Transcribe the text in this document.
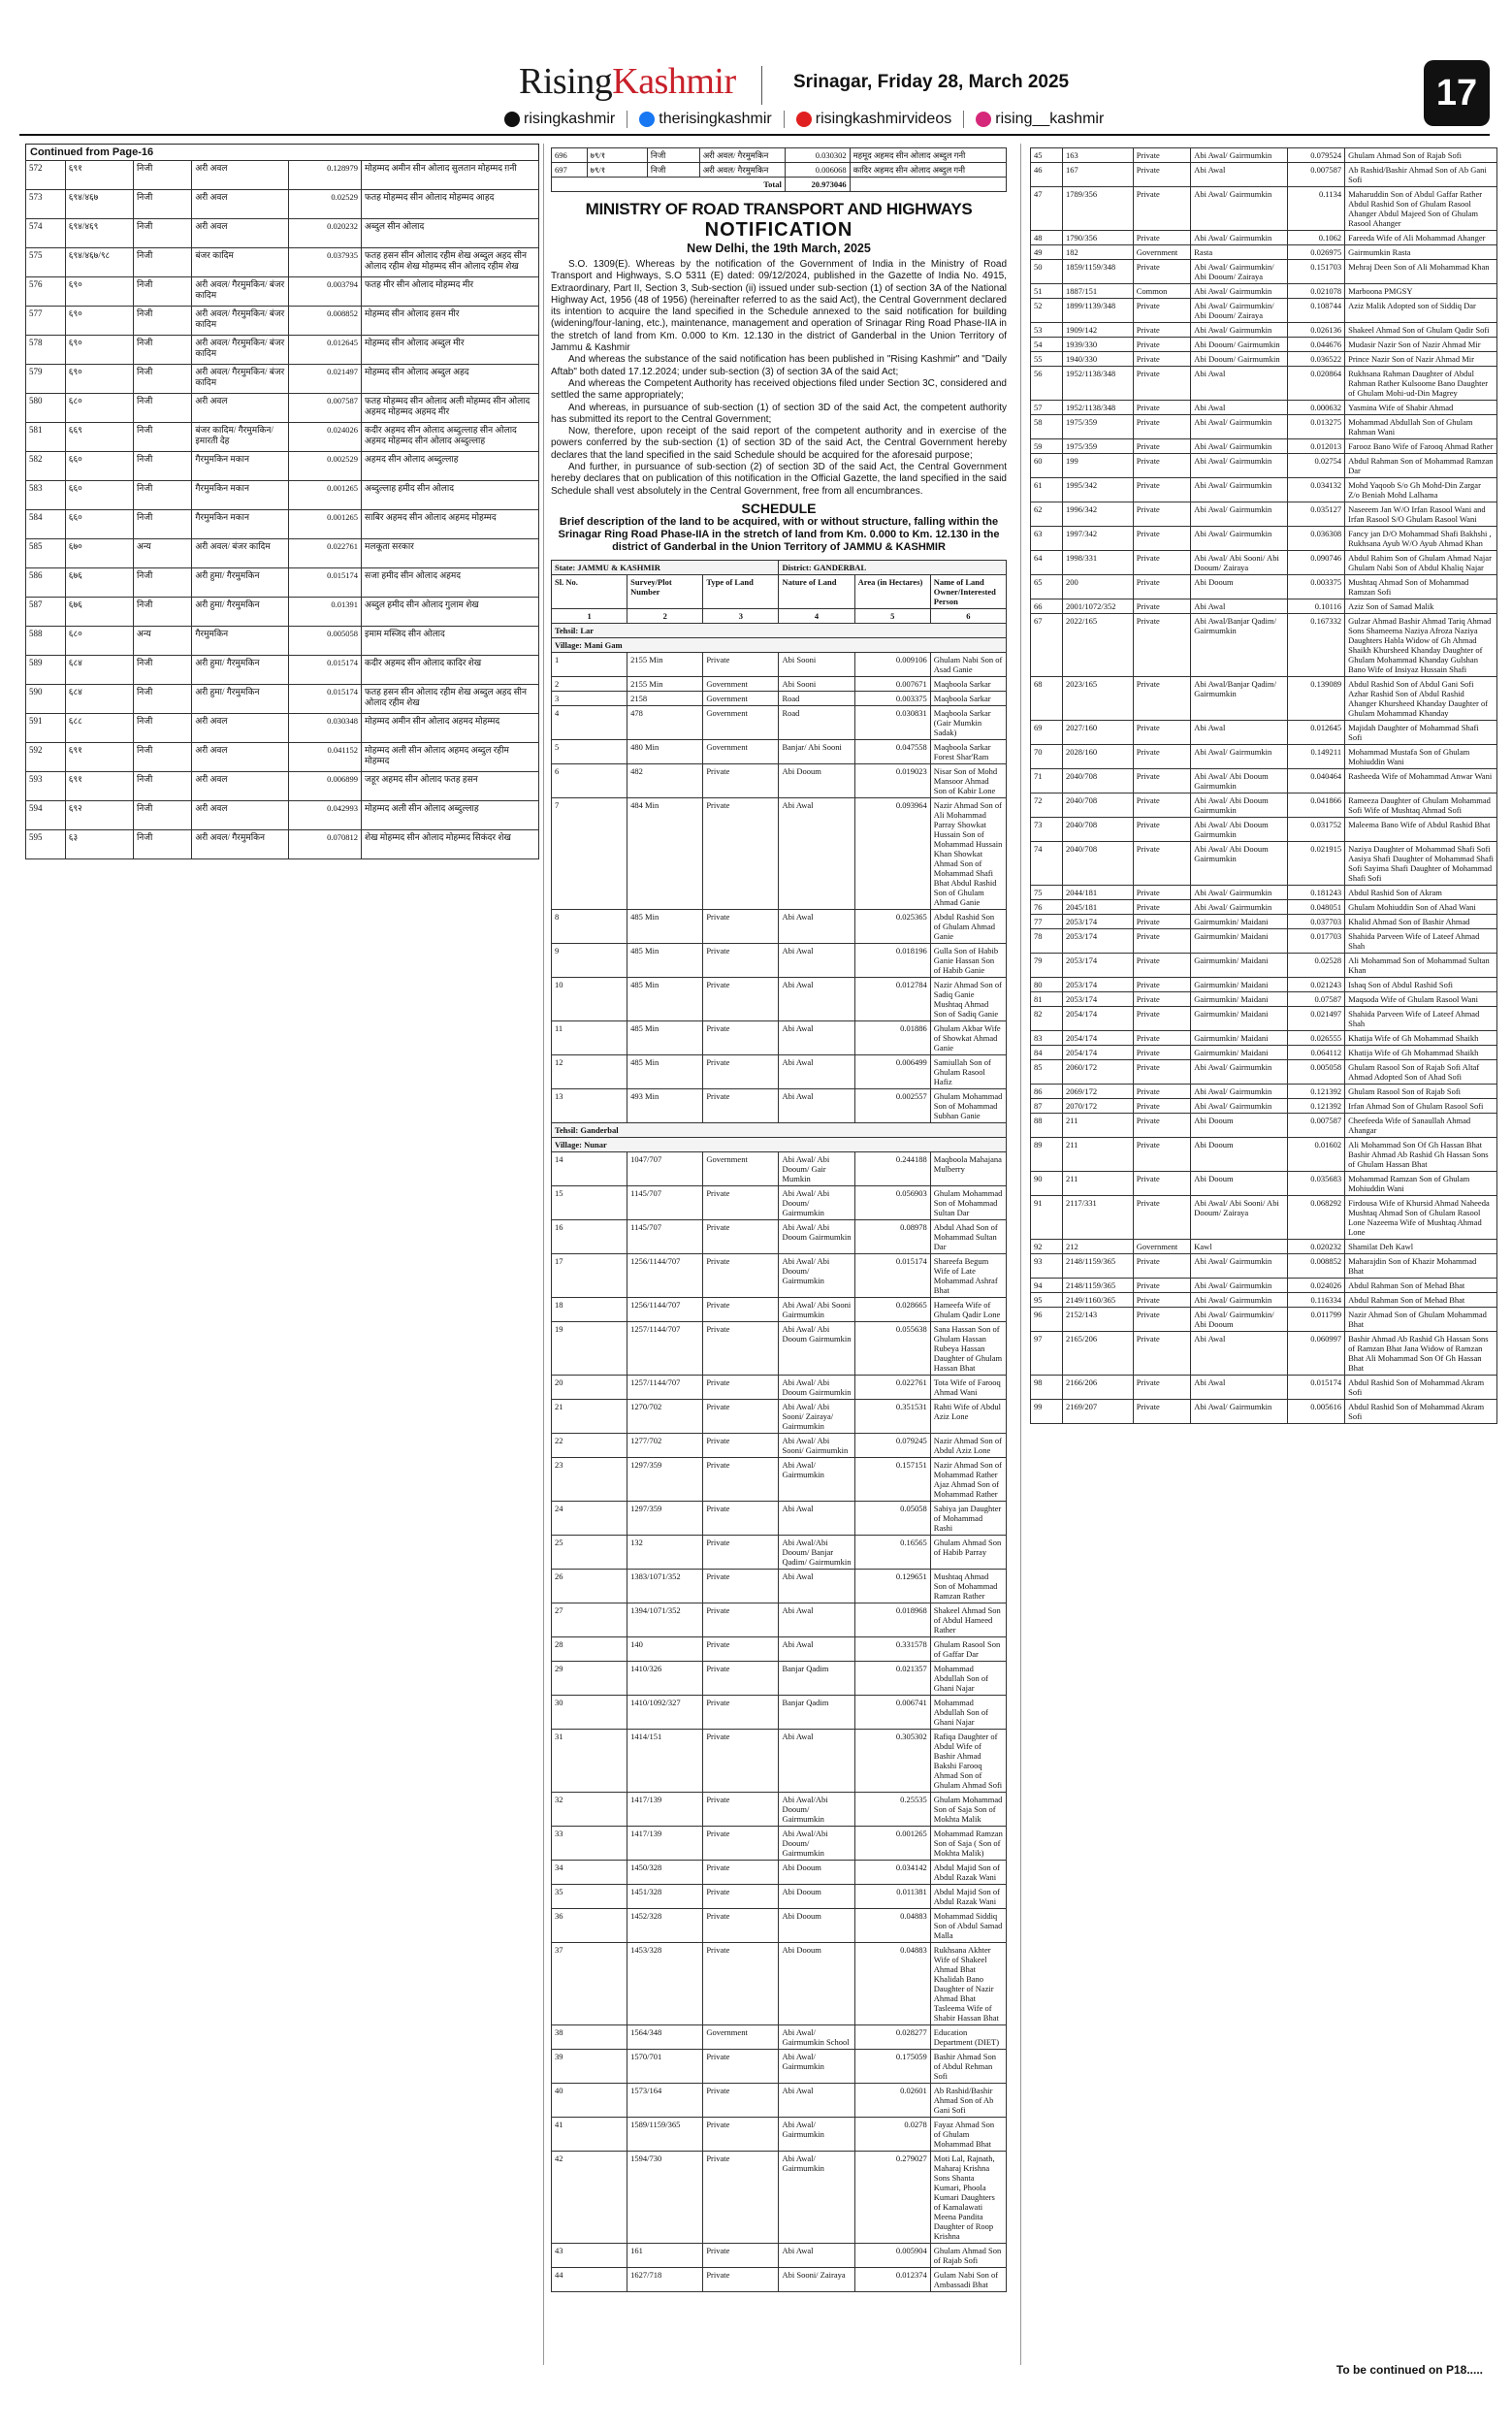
RisingKashmir	Srinagar, Friday 28, March 2025	17
risingkashmir	therisingkashmir	risingkashmirvideos	rising__kashmir
Continued from Page-16
572	६९१	निजी	अरी अवल	0.128979	मोहम्मद अमीन सीन ओलाद सुलतान मोहम्मद ग़नी
573	६९४/४६७	निजी	अरी अवल	0.02529	फतह मोहम्मद सीन ओलाद मोहम्मद आहद
574	६९४/४६९	निजी	अरी अवल	0.020232	अब्दुल सीन ओलाद
575	६९४/४६७/९८	निजी	बंजर कादिम	0.037935	फतह हसन सीन ओलाद रहीम शेख अब्दुल अहद सीन ओलाद रहीम शेख मोहम्मद सीन ओलाद रहीम शेख
576	६९०	निजी	अरी अवल/ गैरमुमकिन/ बंजर कादिम	0.003794	फतह मीर सीन ओलाद मोहम्मद मीर
577	६९०	निजी	अरी अवल/ गैरमुमकिन/ बंजर कादिम	0.008852	मोहम्मद सीन ओलाद हसन मीर
578	६९०	निजी	अरी अवल/ गैरमुमकिन/ बंजर कादिम	0.012645	मोहम्मद सीन ओलाद अब्दुल मीर
579	६९०	निजी	अरी अवल/ गैरमुमकिन/ बंजर कादिम	0.021497	मोहम्मद सीन ओलाद अब्दुल अहद
580	६८०	निजी	अरी अवल	0.007587	फतह मोहम्मद सीन ओलाद अली मोहम्मद सीन ओलाद अहमद मोहम्मद अहमद मीर
581	६६९	निजी	बंजर कादिम/ गैरमुमकिन/ इमारती देह	0.024026	कदीर अहमद सीन ओलाद अब्दुल्लाह सीन ओलाद अहमद मोहम्मद सीन ओलाद अब्दुल्लाह
582	६६०	निजी	गैरमुमकिन मकान	0.002529	अहमद सीन ओलाद अब्दुल्लाह
583	६६०	निजी	गैरमुमकिन मकान	0.001265	अब्दुल्लाह हमीद सीन ओलाद
584	६६०	निजी	गैरमुमकिन मकान	0.001265	साबिर अहमद सीन ओलाद अहमद मोहम्मद
585	६७०	अन्य	अरी अवल/ बंजर कादिम	0.022761	मलकूता सरकार
586	६७६	निजी	अरी हुमा/ गैरमुमकिन	0.015174	सजा हमीद सीन ओलाद अहमद
587	६७६	निजी	अरी हुमा/ गैरमुमकिन	0.01391	अब्दुल हमीद सीन ओलाद गुलाम शेख
588	६८०	अन्य	गैरमुमकिन	0.005058	इमाम मस्जिद सीन ओलाद
589	६८४	निजी	अरी हुमा/ गैरमुमकिन	0.015174	कदीर अहमद सीन ओलाद कादिर शेख
590	६८४	निजी	अरी हुमा/ गैरमुमकिन	0.015174	फतह हसन सीन ओलाद रहीम शेख अब्दुल अहद सीन ओलाद रहीम शेख
591	६८८	निजी	अरी अवल	0.030348	मोहम्मद अमीन सीन ओलाद अहमद मोहम्मद
592	६९१	निजी	अरी अवल	0.041152	मोहम्मद अली सीन ओलाद अहमद अब्दुल रहीम मोहम्मद
593	६९१	निजी	अरी अवल	0.006899	जहूर अहमद सीन ओलाद फतह हसन
594	६९२	निजी	अरी अवल	0.042993	मोहम्मद अली सीन ओलाद अब्दुल्लाह
595	६३	निजी	अरी अवल/ गैरमुमकिन	0.070812	शेख मोहम्मद सीन ओलाद मोहम्मद सिकंदर शेख
696	७९/१	निजी	अरी अवल/ गैरमुमकिन	0.030302	महमूद अहमद सीन ओलाद अब्दुल गनी
697	७९/१	निजी	अरी अवल/ गैरमुमकिन	0.006068	कादिर अहमद सीन ओलाद अब्दुल गनी
Total				20.973046	
MINISTRY OF ROAD TRANSPORT AND HIGHWAYS
NOTIFICATION
New Delhi, the 19th March, 2025

S.O. 1309(E). Whereas by the notification of the Government of India in the Ministry of Road Transport and Highways, S.O 5311 (E) dated: 09/12/2024, published in the Gazette of India No. 4915, Extraordinary, Part II, Section 3, Sub-section (ii) issued under sub-section (1) of section 3A of the National Highway Act, 1956 (48 of 1956) (hereinafter referred to as the said Act), the Central Government declared its intention to acquire the land specified in the Schedule annexed to the said notification for building (widening/four-laning, etc.), maintenance, management and operation of Srinagar Ring Road Phase-IIA in the stretch of land from Km. 0.000 to Km. 12.130 in the district of Ganderbal in the Union Territory of Jammu & Kashmir

And whereas the substance of the said notification has been published in "Rising Kashmir" and "Daily Aftab" both dated 17.12.2024; under sub-section (3) of section 3A of the said Act;

And whereas the Competent Authority has received objections filed under Section 3C, considered and settled the same appropriately;

And whereas, in pursuance of sub-section (1) of section 3D of the said Act, the competent authority has submitted its report to the Central Government;

Now, therefore, upon receipt of the said report of the competent authority and in exercise of the powers conferred by the sub-section (1) of section 3D of the said Act, the Central Government hereby declares that the land specified in the said Schedule should be acquired for the aforesaid purpose;

And further, in pursuance of sub-section (2) of section 3D of the said Act, the Central Government hereby declares that on publication of this notification in the Official Gazette, the land specified in the said Schedule shall vest absolutely in the Central Government, free from all encumbrances.

SCHEDULE
Brief description of the land to be acquired, with or without structure, falling within the Srinagar Ring Road Phase-IIA in the stretch of land from Km. 0.000 to Km. 12.130 in the district of Ganderbal in the Union Territory of JAMMU & KASHMIR
State: JAMMU & KASHMIR			District: GANDERBAL		
Sl. No.	Survey/Plot Number	Type of Land	Nature of Land	Area (in Hectares)	Name of Land Owner/Interested Person
1	2	3	4	5	6
Tehsil: Lar					
Village: Mani Gam					
1	2155 Min	Private	Abi Sooni	0.009106	Ghulam Nabi Son of Asad Ganie
2	2155 Min	Government	Abi Sooni	0.007671	Maqboola Sarkar
3	2158	Government	Road	0.003375	Maqboola Sarkar
4	478	Government	Road	0.030831	Maqboola Sarkar (Gair Mumkin Sadak)
5	480 Min	Government	Banjar/ Abi Sooni	0.047558	Maqboola Sarkar Forest Shar'Ram
6	482	Private	Abi Dooum	0.019023	Nisar Son of Mohd Mansoor Ahmad Son of Kabir Lone
7	484 Min	Private	Abi Awal	0.093964	Nazir Ahmad Son of Ali Mohammad Parray Showkat Hussain Son of Mohammad Hussain Khan Showkat Ahmad Son of Mohammad Shafi Bhat Abdul Rashid Son of Ghulam Ahmad Ganie
8	485 Min	Private	Abi Awal	0.025365	Abdul Rashid Son of Ghulam Ahmad Ganie
9	485 Min	Private	Abi Awal	0.018196	Gulla Son of Habib Ganie Hassan Son of Habib Ganie
10	485 Min	Private	Abi Awal	0.012784	Nazir Ahmad Son of Sadiq Ganie Mushtaq Ahmad Son of Sadiq Ganie
11	485 Min	Private	Abi Awal	0.01886	Ghulam Akbar Wife of Showkat Ahmad Ganie
12	485 Min	Private	Abi Awal	0.006499	Samiullah Son of Ghulam Rasool Hafiz
13	493 Min	Private	Abi Awal	0.002557	Ghulam Mohammad Son of Mohammad Subhan Ganie
Tehsil: Ganderbal					
Village: Nunar					
14	1047/707	Government	Abi Awal/ Abi Dooum/ Gair Mumkin	0.244188	Maqboola Mahajana Mulberry
15	1145/707	Private	Abi Awal/ Abi Dooum/ Gairmumkin	0.056903	Ghulam Mohammad Son of Mohammad Sultan Dar
16	1145/707	Private	Abi Awal/ Abi Dooum Gairmumkin	0.08978	Abdul Ahad Son of Mohammad Sultan Dar
17	1256/1144/707	Private	Abi Awal/ Abi Dooum/ Gairmumkin	0.015174	Shareefa Begum Wife of Late Mohammad Ashraf Bhat
18	1256/1144/707	Private	Abi Awal/ Abi Sooni Gairmumkin	0.028665	Hameefa Wife of Ghulam Qadir Lone
19	1257/1144/707	Private	Abi Awal/ Abi Dooum Gairmumkin	0.055638	Sana Hassan Son of Ghulam Hassan Rubeya Hassan Daughter of Ghulam Hassan Bhat
20	1257/1144/707	Private	Abi Awal/ Abi Dooum Gairmumkin	0.022761	Tota Wife of Farooq Ahmad Wani
21	1270/702	Private	Abi Awal/ Abi Sooni/ Zairaya/ Gairmumkin	0.351531	Rahti Wife of Abdul Aziz Lone
22	1277/702	Private	Abi Awal/ Abi Sooni/ Gairmumkin	0.079245	Nazir Ahmad Son of Abdul Aziz Lone
23	1297/359	Private	Abi Awal/ Gairmumkin	0.157151	Nazir Ahmad Son of Mohammad Rather Ajaz Ahmad Son of Mohammad Rather
24	1297/359	Private	Abi Awal	0.05058	Sabiya jan Daughter of Mohammad Rashi
25	132	Private	Abi Awal/Abi Dooum/ Banjar Qadim/ Gairmumkin	0.16565	Ghulam Ahmad Son of Habib Parray
26	1383/1071/352	Private	Abi Awal	0.129651	Mushtaq Ahmad Son of Mohammad Ramzan Rather
27	1394/1071/352	Private	Abi Awal	0.018968	Shakeel Ahmad Son of Abdul Hameed Rather
28	140	Private	Abi Awal	0.331578	Ghulam Rasool Son of Gaffar Dar
29	1410/326	Private	Banjar Qadim	0.021357	Mohammad Abdullah Son of Ghani Najar
30	1410/1092/327	Private	Banjar Qadim	0.006741	Mohammad Abdullah Son of Ghani Najar
31	1414/151	Private	Abi Awal	0.305302	Rafiqa Daughter of Abdul Wife of Bashir Ahmad Bakshi Farooq Ahmad Son of Ghulam Ahmad Sofi
32	1417/139	Private	Abi Awal/Abi Dooum/ Gairmumkin	0.25535	Ghulam Mohammad Son of Saja Son of Mokhta Malik
33	1417/139	Private	Abi Awal/Abi Dooum/ Gairmumkin	0.001265	Mohammad Ramzan Son of Saja ( Son of Mokhta Malik)
34	1450/328	Private	Abi Dooum	0.034142	Abdul Majid Son of Abdul Razak Wani
35	1451/328	Private	Abi Dooum	0.011381	Abdul Majid Son of Abdul Razak Wani
36	1452/328	Private	Abi Dooum	0.04883	Mohammad Siddiq Son of Abdul Samad Malla
37	1453/328	Private	Abi Dooum	0.04883	Rukhsana Akhter Wife of Shakeel Ahmad Bhat Khalidah Bano Daughter of Nazir Ahmad Bhat Tasleema Wife of Shabir Hassan Bhat
38	1564/348	Government	Abi Awal/ Gairmumkin School	0.028277	Education Department (DIET)
39	1570/701	Private	Abi Awal/ Gairmumkin	0.175059	Bashir Ahmad Son of Abdul Rehman Sofi
40	1573/164	Private	Abi Awal	0.02601	Ab Rashid/Bashir Ahmad Son of Ab Gani Sofi
41	1589/1159/365	Private	Abi Awal/ Gairmumkin	0.0278	Fayaz Ahmad Son of Ghulam Mohammad Bhat
42	1594/730	Private	Abi Awal/ Gairmumkin	0.279027	Moti Lal, Rajnath, Maharaj Krishna Sons Shanta Kumari, Phoola Kumari Daughters of Kamalawati Meena Pandita Daughter of Roop Krishna
43	161	Private	Abi Awal	0.005904	Ghulam Ahmad Son of Rajab Sofi
44	1627/718	Private	Abi Sooni/ Zairaya	0.012374	Gulam Nabi Son of Ambassadi Bhat
45	163	Private	Abi Awal/ Gairmumkin	0.079524	Ghulam Ahmad Son of Rajab Sofi
46	167	Private	Abi Awal	0.007587	Ab Rashid/Bashir Ahmad Son of Ab Gani Sofi
47	1789/356	Private	Abi Awal/ Gairmumkin	0.1134	Maharuddin Son of Abdul Gaffar Rather Abdul Rashid Son of Ghulam Rasool Ahanger Abdul Majeed Son of Ghulam Rasool Ahanger
48	1790/356	Private	Abi Awal/ Gairmumkin	0.1062	Fareeda Wife of Ali Mohammad Ahanger
49	182	Government	Rasta	0.026975	Gairmumkin Rasta
50	1859/1159/348	Private	Abi Awal/ Gairmumkin/ Abi Dooum/ Zairaya	0.151703	Mehraj Deen Son of Ali Mohammad Khan
51	1887/151	Common	Abi Awal/ Gairmumkin	0.021078	Marboona PMGSY
52	1899/1139/348	Private	Abi Awal/ Gairmumkin/ Abi Dooum/ Zairaya	0.108744	Aziz Malik Adopted son of Siddiq Dar
53	1909/142	Private	Abi Awal/ Gairmumkin	0.026136	Shakeel Ahmad Son of Ghulam Qadir Sofi
54	1939/330	Private	Abi Dooum/ Gairmumkin	0.044676	Mudasir Nazir Son of Nazir Ahmad Mir
55	1940/330	Private	Abi Dooum/ Gairmumkin	0.036522	Prince Nazir Son of Nazir Ahmad Mir
56	1952/1138/348	Private	Abi Awal	0.020864	Rukhsana Rahman Daughter of Abdul Rahman Rather Kulsoome Bano Daughter of Ghulam Mohi-ud-Din Magrey
57	1952/1138/348	Private	Abi Awal	0.000632	Yasmina Wife of Shabir Ahmad
58	1975/359	Private	Abi Awal/ Gairmumkin	0.013275	Mohammad Abdullah Son of Ghulam Rahman Wani
59	1975/359	Private	Abi Awal/ Gairmumkin	0.012013	Farooz Bano Wife of Farooq Ahmad Rather
60	199	Private	Abi Awal/ Gairmumkin	0.02754	Abdul Rahman Son of Mohammad Ramzan Dar
61	1995/342	Private	Abi Awal/ Gairmumkin	0.034132	Mohd Yaqoob S/o Gh Mohd-Din Zargar Z/o Beniah Mohd Lalhama
62	1996/342	Private	Abi Awal/ Gairmumkin	0.035127	Naseeem Jan W/O Irfan Rasool Wani and Irfan Rasool S/O Ghulam Rasool Wani
63	1997/342	Private	Abi Awal/ Gairmumkin	0.036308	Fancy jan D/O Mohammad Shafi Bakhshi , Rukhsana Ayub W/O Ayub Ahmad Khan
64	1998/331	Private	Abi Awal/ Abi Sooni/ Abi Dooum/ Zairaya	0.090746	Abdul Rahim Son of Ghulam Ahmad Najar Ghulam Nabi Son of Abdul Khaliq Najar
65	200	Private	Abi Dooum	0.003375	Mushtaq Ahmad Son of Mohammad Ramzan Sofi
66	2001/1072/352	Private	Abi Awal	0.10116	Aziz Son of Samad Malik
67	2022/165	Private	Abi Awal/Banjar Qadim/ Gairmumkin	0.167332	Gulzar Ahmad Bashir Ahmad Tariq Ahmad Sons Shameema Naziya Afroza Naziya Daughters Habla Widow of Gh Ahmad Shaikh Khursheed Khanday Daughter of Ghulam Mohammad Khanday Gulshan Bano Wife of Insiyaz Hussain Shafi
68	2023/165	Private	Abi Awal/Banjar Qadim/ Gairmumkin	0.139089	Abdul Rashid Son of Abdul Gani Sofi Azhar Rashid Son of Abdul Rashid Ahanger Khursheed Khanday Daughter of Ghulam Mohammad Khanday
69	2027/160	Private	Abi Awal	0.012645	Majidah Daughter of Mohammad Shafi Sofi
70	2028/160	Private	Abi Awal/ Gairmumkin	0.149211	Mohammad Mustafa Son of Ghulam Mohiuddin Wani
71	2040/708	Private	Abi Awal/ Abi Dooum Gairmumkin	0.040464	Rasheeda Wife of Mohammad Anwar Wani
72	2040/708	Private	Abi Awal/ Abi Dooum Gairmumkin	0.041866	Rameeza Daughter of Ghulam Mohammad Sofi Wife of Mushtaq Ahmad Sofi
73	2040/708	Private	Abi Awal/ Abi Dooum Gairmumkin	0.031752	Maleema Bano Wife of Abdul Rashid Bhat
74	2040/708	Private	Abi Awal/ Abi Dooum Gairmumkin	0.021915	Naziya Daughter of Mohammad Shafi Sofi Aasiya Shafi Daughter of Mohammad Shafi Sofi Sayima Shafi Daughter of Mohammad Shafi Sofi
75	2044/181	Private	Abi Awal/ Gairmumkin	0.181243	Abdul Rashid Son of Akram
76	2045/181	Private	Abi Awal/ Gairmumkin	0.048051	Ghulam Mohiuddin Son of Ahad Wani
77	2053/174	Private	Gairmumkin/ Maidani	0.037703	Khalid Ahmad Son of Bashir Ahmad
78	2053/174	Private	Gairmumkin/ Maidani	0.017703	Shahida Parveen Wife of Lateef Ahmad Shah
79	2053/174	Private	Gairmumkin/ Maidani	0.02528	Ali Mohammad Son of Mohammad Sultan Khan
80	2053/174	Private	Gairmumkin/ Maidani	0.021243	Ishaq Son of Abdul Rashid Sofi
81	2053/174	Private	Gairmumkin/ Maidani	0.07587	Maqsoda Wife of Ghulam Rasool Wani
82	2054/174	Private	Gairmumkin/ Maidani	0.021497	Shahida Parveen Wife of Lateef Ahmad Shah
83	2054/174	Private	Gairmumkin/ Maidani	0.026555	Khatija Wife of Gh Mohammad Shaikh
84	2054/174	Private	Gairmumkin/ Maidani	0.064112	Khatija Wife of Gh Mohammad Shaikh
85	2060/172	Private	Abi Awal/ Gairmumkin	0.005058	Ghulam Rasool Son of Rajab Sofi Altaf Ahmad Adopted Son of Ahad Sofi
86	2069/172	Private	Abi Awal/ Gairmumkin	0.121392	Ghulam Rasool Son of Rajab Sofi
87	2070/172	Private	Abi Awal/ Gairmumkin	0.121392	Irfan Ahmad Son of Ghulam Rasool Sofi
88	211	Private	Abi Dooum	0.007587	Cheefeeda Wife of Sanaullah Ahmad Ahangar
89	211	Private	Abi Dooum	0.01602	Ali Mohammad Son Of Gh Hassan Bhat Bashir Ahmad Ab Rashid Gh Hassan Sons of Ghulam Hassan Bhat
90	211	Private	Abi Dooum	0.035683	Mohammad Ramzan Son of Ghulam Mohiuddin Wani
91	2117/331	Private	Abi Awal/ Abi Sooni/ Abi Dooum/ Zairaya	0.068292	Firdousa Wife of Khursid Ahmad Naheeda Mushtaq Ahmad Son of Ghulam Rasool Lone Nazeema Wife of Mushtaq Ahmad Lone
92	212	Government	Kawl	0.020232	Shamilat Deh Kawl
93	2148/1159/365	Private	Abi Awal/ Gairmumkin	0.008852	Maharajdin Son of Khazir Mohammad Bhat
94	2148/1159/365	Private	Abi Awal/ Gairmumkin	0.024026	Abdul Rahman Son of Mehad Bhat
95	2149/1160/365	Private	Abi Awal/ Gairmumkin	0.116334	Abdul Rahman Son of Mehad Bhat
96	2152/143	Private	Abi Awal/ Gairmumkin/ Abi Dooum	0.011799	Nazir Ahmad Son of Ghulam Mohammad Bhat
97	2165/206	Private	Abi Awal	0.060997	Bashir Ahmad Ab Rashid Gh Hassan Sons of Ramzan Bhat Jana Widow of Ramzan Bhat Ali Mohammad Son Of Gh Hassan Bhat
98	2166/206	Private	Abi Awal	0.015174	Abdul Rashid Son of Mohammad Akram Sofi
99	2169/207	Private	Abi Awal/ Gairmumkin	0.005616	Abdul Rashid Son of Mohammad Akram Sofi
To be continued on P18.....
